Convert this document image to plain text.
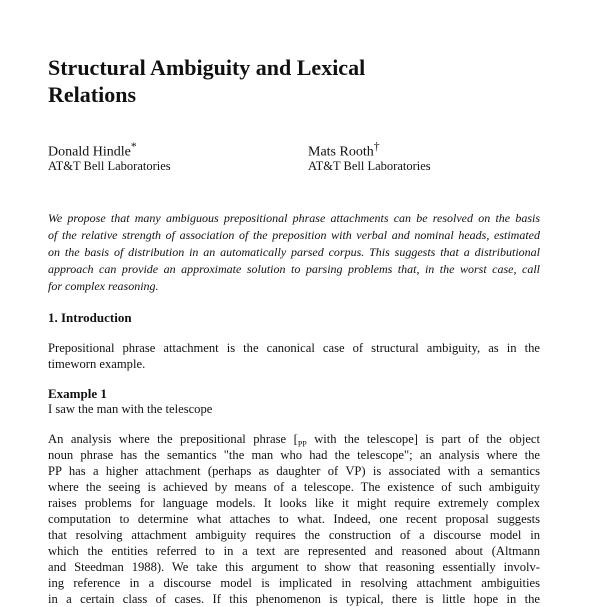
Structural Ambiguity and Lexical
Relations
Donald Hindle*
AT&T Bell Laboratories
Mats Rooth†
AT&T Bell Laboratories
We propose that many ambiguous prepositional phrase attachments can be resolved on the basis
of the relative strength of association of the preposition with verbal and nominal heads, estimated
on the basis of distribution in an automatically parsed corpus. This suggests that a distributional
approach can provide an approximate solution to parsing problems that, in the worst case, call
for complex reasoning.
1. Introduction
Prepositional phrase attachment is the canonical case of structural ambiguity, as in the
timeworn example.
Example 1
I saw the man with the telescope
An analysis where the prepositional phrase [$_{PP}$ with the telescope] is part of the object
noun phrase has the semantics "the man who had the telescope"; an analysis where the
PP has a higher attachment (perhaps as daughter of VP) is associated with a semantics
where the seeing is achieved by means of a telescope. The existence of such ambiguity
raises problems for language models. It looks like it might require extremely complex
computation to determine what attaches to what. Indeed, one recent proposal suggests
that resolving attachment ambiguity requires the construction of a discourse model in
which the entities referred to in a text are represented and reasoned about (Altmann
and Steedman 1988). We take this argument to show that reasoning essentially involv-
ing reference in a discourse model is implicated in resolving attachment ambiguities
in a certain class of cases. If this phenomenon is typical, there is little hope in the
